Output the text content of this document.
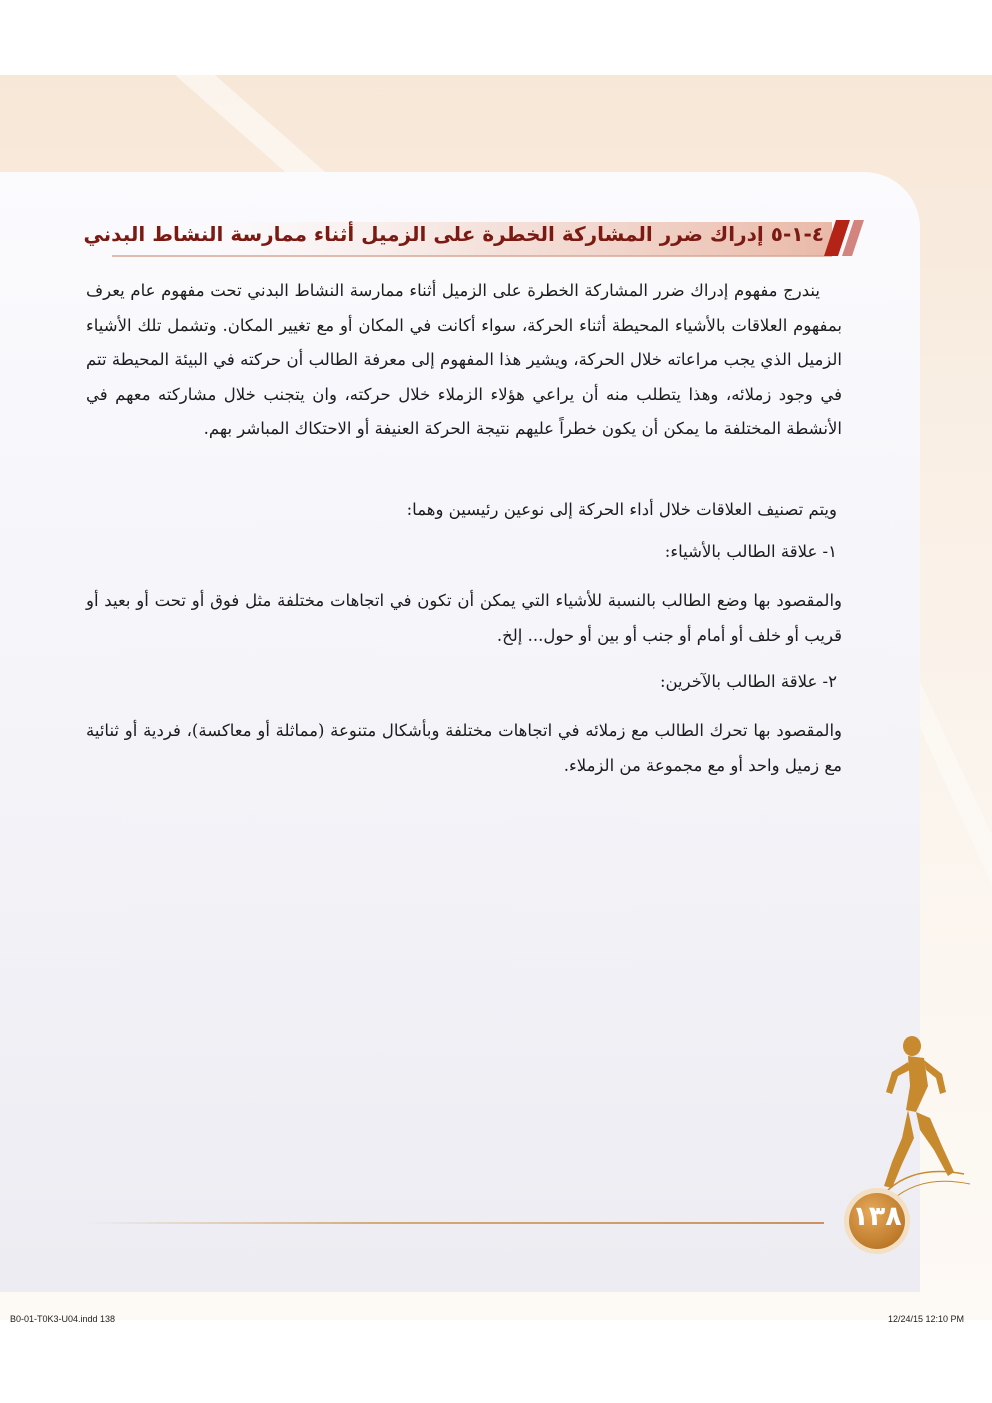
٤-١-٥ إدراك ضرر المشاركة الخطرة على الزميل أثناء ممارسة النشاط البدني
يندرج مفهوم إدراك ضرر المشاركة الخطرة على الزميل أثناء ممارسة النشاط البدني تحت مفهوم عام يعرف بمفهوم العلاقات بالأشياء المحيطة أثناء الحركة، سواء أكانت في المكان أو مع تغيير المكان. وتشمل تلك الأشياء الزميل الذي يجب مراعاته خلال الحركة، ويشير هذا المفهوم إلى معرفة الطالب أن حركته في البيئة المحيطة تتم في وجود زملائه، وهذا يتطلب منه أن يراعي هؤلاء الزملاء خلال حركته، وان يتجنب خلال مشاركته معهم في الأنشطة المختلفة ما يمكن أن يكون خطراً عليهم نتيجة الحركة العنيفة أو الاحتكاك المباشر بهم.
ويتم تصنيف العلاقات خلال أداء الحركة إلى نوعين رئيسين وهما:
١- علاقة الطالب بالأشياء:
والمقصود بها وضع الطالب بالنسبة للأشياء التي يمكن أن تكون في اتجاهات مختلفة مثل فوق أو تحت أو بعيد أو قريب أو خلف أو أمام أو جنب أو بين أو حول... إلخ.
٢- علاقة الطالب بالآخرين:
والمقصود بها تحرك الطالب مع زملائه في اتجاهات مختلفة وبأشكال متنوعة (مماثلة أو معاكسة)، فردية أو ثنائية مع زميل واحد أو مع مجموعة من الزملاء.
١٣٨
B0-01-T0K3-U04.indd 138	12/24/15 12:10 PM
